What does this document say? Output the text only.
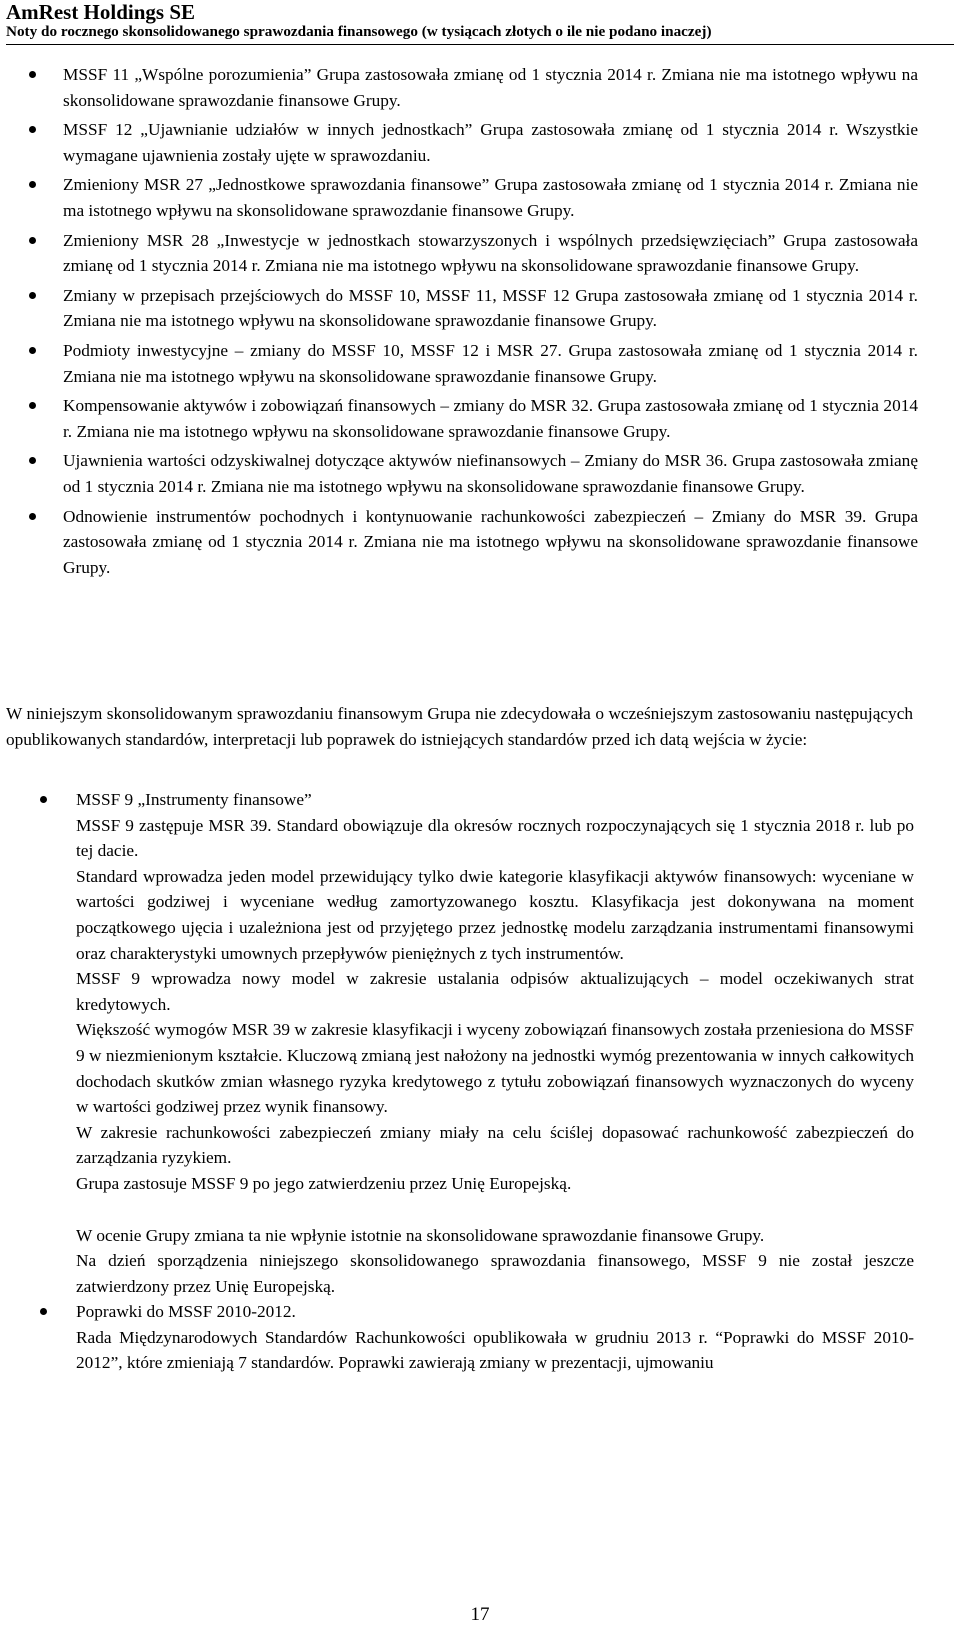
AmRest Holdings SE
Noty do rocznego skonsolidowanego sprawozdania finansowego (w tysiącach złotych o ile nie podano inaczej)
MSSF 11 „Wspólne porozumienia” Grupa zastosowała zmianę od 1 stycznia 2014 r. Zmiana nie ma istotnego wpływu na skonsolidowane sprawozdanie finansowe Grupy.
MSSF 12 „Ujawnianie udziałów w innych jednostkach” Grupa zastosowała zmianę od 1 stycznia 2014 r. Wszystkie wymagane ujawnienia zostały ujęte w sprawozdaniu.
Zmieniony MSR 27 „Jednostkowe sprawozdania finansowe” Grupa zastosowała zmianę od 1 stycznia 2014 r. Zmiana nie ma istotnego wpływu na skonsolidowane sprawozdanie finansowe Grupy.
Zmieniony MSR 28 „Inwestycje w jednostkach stowarzyszonych i wspólnych przedsięwzięciach” Grupa zastosowała zmianę od 1 stycznia 2014 r. Zmiana nie ma istotnego wpływu na skonsolidowane sprawozdanie finansowe Grupy.
Zmiany w przepisach przejściowych do MSSF 10, MSSF 11, MSSF 12 Grupa zastosowała zmianę od 1 stycznia 2014 r. Zmiana nie ma istotnego wpływu na skonsolidowane sprawozdanie finansowe Grupy.
Podmioty inwestycyjne – zmiany do MSSF 10, MSSF 12 i MSR 27. Grupa zastosowała zmianę od 1 stycznia 2014 r. Zmiana nie ma istotnego wpływu na skonsolidowane sprawozdanie finansowe Grupy.
Kompensowanie aktywów i zobowiązań finansowych – zmiany do MSR 32. Grupa zastosowała zmianę od 1 stycznia 2014 r. Zmiana nie ma istotnego wpływu na skonsolidowane sprawozdanie finansowe Grupy.
Ujawnienia wartości odzyskiwalnej dotyczące aktywów niefinansowych – Zmiany do MSR 36. Grupa zastosowała zmianę od 1 stycznia 2014 r. Zmiana nie ma istotnego wpływu na skonsolidowane sprawozdanie finansowe Grupy.
Odnowienie instrumentów pochodnych i kontynuowanie rachunkowości zabezpieczeń – Zmiany do MSR 39. Grupa zastosowała zmianę od 1 stycznia 2014 r. Zmiana nie ma istotnego wpływu na skonsolidowane sprawozdanie finansowe Grupy.

W niniejszym skonsolidowanym sprawozdaniu finansowym Grupa nie zdecydowała o wcześniejszym zastosowaniu następujących opublikowanych standardów, interpretacji lub poprawek do istniejących standardów przed ich datą wejścia w życie:

MSSF 9 „Instrumenty finansowe”

MSSF 9 zastępuje MSR 39. Standard obowiązuje dla okresów rocznych rozpoczynających się 1 stycznia 2018 r. lub po tej dacie.

Standard wprowadza jeden model przewidujący tylko dwie kategorie klasyfikacji aktywów finansowych: wyceniane w wartości godziwej i wyceniane według zamortyzowanego kosztu. Klasyfikacja jest dokonywana na moment początkowego ujęcia i uzależniona jest od przyjętego przez jednostkę modelu zarządzania instrumentami finansowymi oraz charakterystyki umownych przepływów pieniężnych z tych instrumentów.

MSSF 9 wprowadza nowy model w zakresie ustalania odpisów aktualizujących – model oczekiwanych strat kredytowych.

Większość wymogów MSR 39 w zakresie klasyfikacji i wyceny zobowiązań finansowych została przeniesiona do MSSF 9 w niezmienionym kształcie. Kluczową zmianą jest nałożony na jednostki wymóg prezentowania w innych całkowitych dochodach skutków zmian własnego ryzyka kredytowego z tytułu zobowiązań finansowych wyznaczonych do wyceny w wartości godziwej przez wynik finansowy.

W zakresie rachunkowości zabezpieczeń zmiany miały na celu ściślej dopasować rachunkowość zabezpieczeń do zarządzania ryzykiem.

Grupa zastosuje MSSF 9 po jego zatwierdzeniu przez Unię Europejską.

W ocenie Grupy zmiana ta nie wpłynie istotnie na skonsolidowane sprawozdanie finansowe Grupy.

Na dzień sporządzenia niniejszego skonsolidowanego sprawozdania finansowego, MSSF 9 nie został jeszcze zatwierdzony przez Unię Europejską.

Poprawki do MSSF 2010-2012.

Rada Międzynarodowych Standardów Rachunkowości opublikowała w grudniu 2013 r. “Poprawki do MSSF 2010-2012”, które zmieniają 7 standardów. Poprawki zawierają zmiany w prezentacji, ujmowaniu

17
